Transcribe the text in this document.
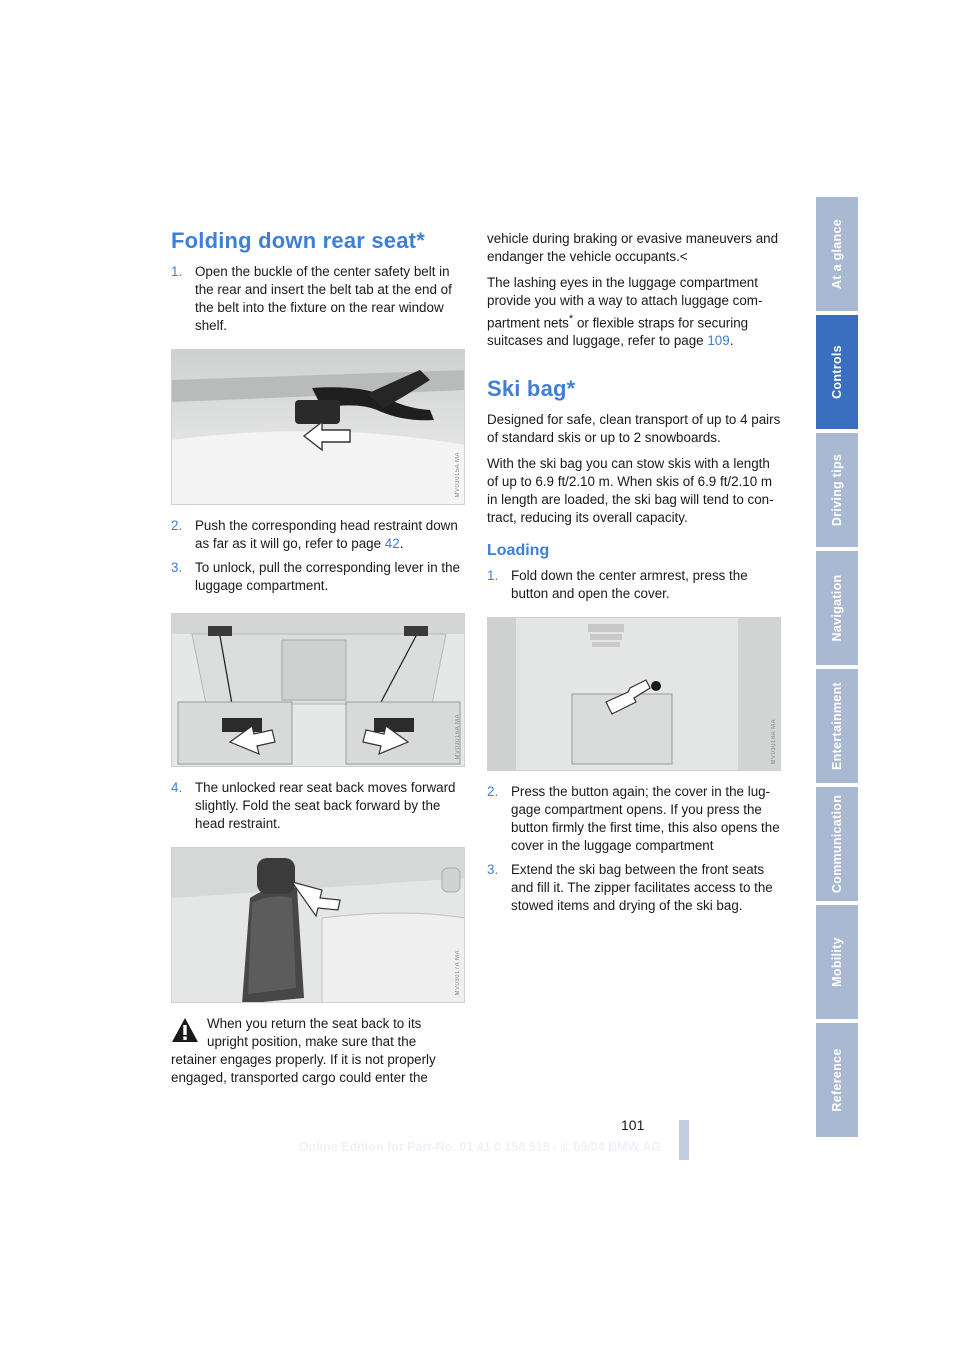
Folding down rear seat*
1. Open the buckle of the center safety belt in the rear and insert the belt tab at the end of the belt into the fixture on the rear window shelf.
MV03015A MA
2. Push the corresponding head restraint down as far as it will go, refer to page 42.
3. To unlock, pull the corresponding lever in the luggage compartment.
MV03016A MA
4. The unlocked rear seat back moves forward slightly. Fold the seat back forward by the head restraint.
MV03017A MA
When you return the seat back to its
upright position, make sure that the
retainer engages properly. If it is not properly engaged, transported cargo could enter the

vehicle during braking or evasive maneuvers and endanger the vehicle occupants.<

The lashing eyes in the luggage compartment provide you with a way to attach luggage compartment nets* or flexible straps for securing suitcases and luggage, refer to page 109.

Ski bag*

Designed for safe, clean transport of up to 4 pairs of standard skis or up to 2 snowboards.

With the ski bag you can stow skis with a length of up to 6.9 ft/2.10 m. When skis of 6.9 ft/2.10 m in length are loaded, the ski bag will tend to contract, reducing its overall capacity.

Loading
1. Fold down the center armrest, press the button and open the cover.
MV03018A MA
2. Press the button again; the cover in the luggage compartment opens. If you press the button firmly the first time, this also opens the cover in the luggage compartment
3. Extend the ski bag between the front seats and fill it. The zipper facilitates access to the stowed items and drying of the ski bag.
At a glance
Controls
Driving tips
Navigation
Entertainment
Communication
Mobility
Reference
101
Online Edition for Part-No. 01 41 0 158 518 - © 09/04 BMW AG
